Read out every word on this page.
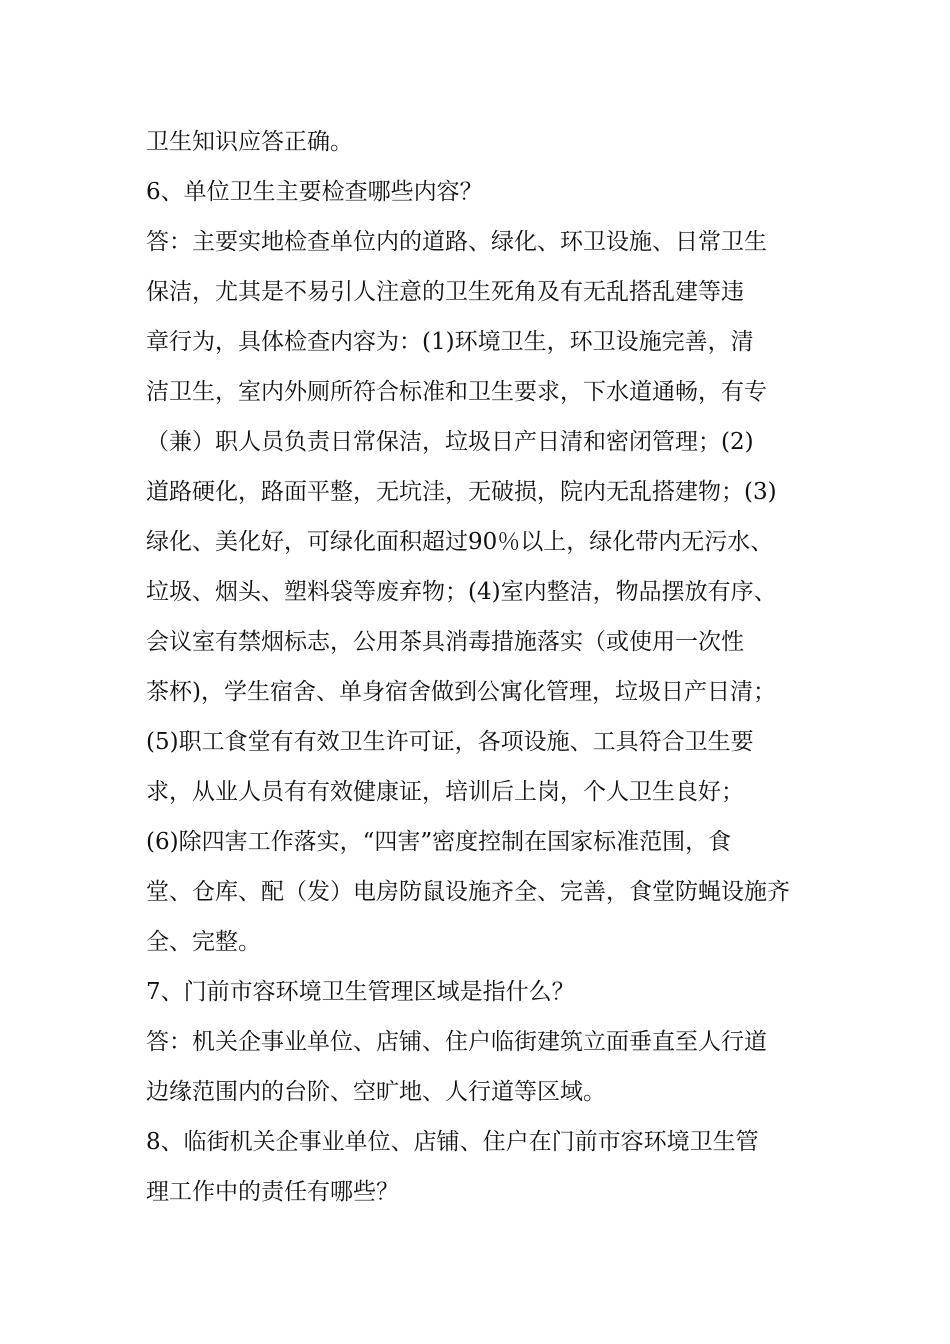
卫生知识应答正确。
6、单位卫生主要检查哪些内容？
答：主要实地检查单位内的道路、绿化、环卫设施、日常卫生
保洁，尤其是不易引人注意的卫生死角及有无乱搭乱建等违
章行为，具体检查内容为：(1)环境卫生，环卫设施完善，清
洁卫生，室内外厕所符合标准和卫生要求，下水道通畅，有专
（兼）职人员负责日常保洁，垃圾日产日清和密闭管理；(2)
道路硬化，路面平整，无坑洼，无破损，院内无乱搭建物；(3)
绿化、美化好，可绿化面积超过90％以上，绿化带内无污水、
垃圾、烟头、塑料袋等废弃物；(4)室内整洁，物品摆放有序、
会议室有禁烟标志，公用茶具消毒措施落实（或使用一次性
茶杯)，学生宿舍、单身宿舍做到公寓化管理，垃圾日产日清；
(5)职工食堂有有效卫生许可证，各项设施、工具符合卫生要
求，从业人员有有效健康证，培训后上岗，个人卫生良好；
(6)除四害工作落实，“四害”密度控制在国家标准范围，食
堂、仓库、配（发）电房防鼠设施齐全、完善，食堂防蝇设施齐
全、完整。
7、门前市容环境卫生管理区域是指什么？
答：机关企事业单位、店铺、住户临街建筑立面垂直至人行道
边缘范围内的台阶、空旷地、人行道等区域。
8、临街机关企事业单位、店铺、住户在门前市容环境卫生管
理工作中的责任有哪些？
